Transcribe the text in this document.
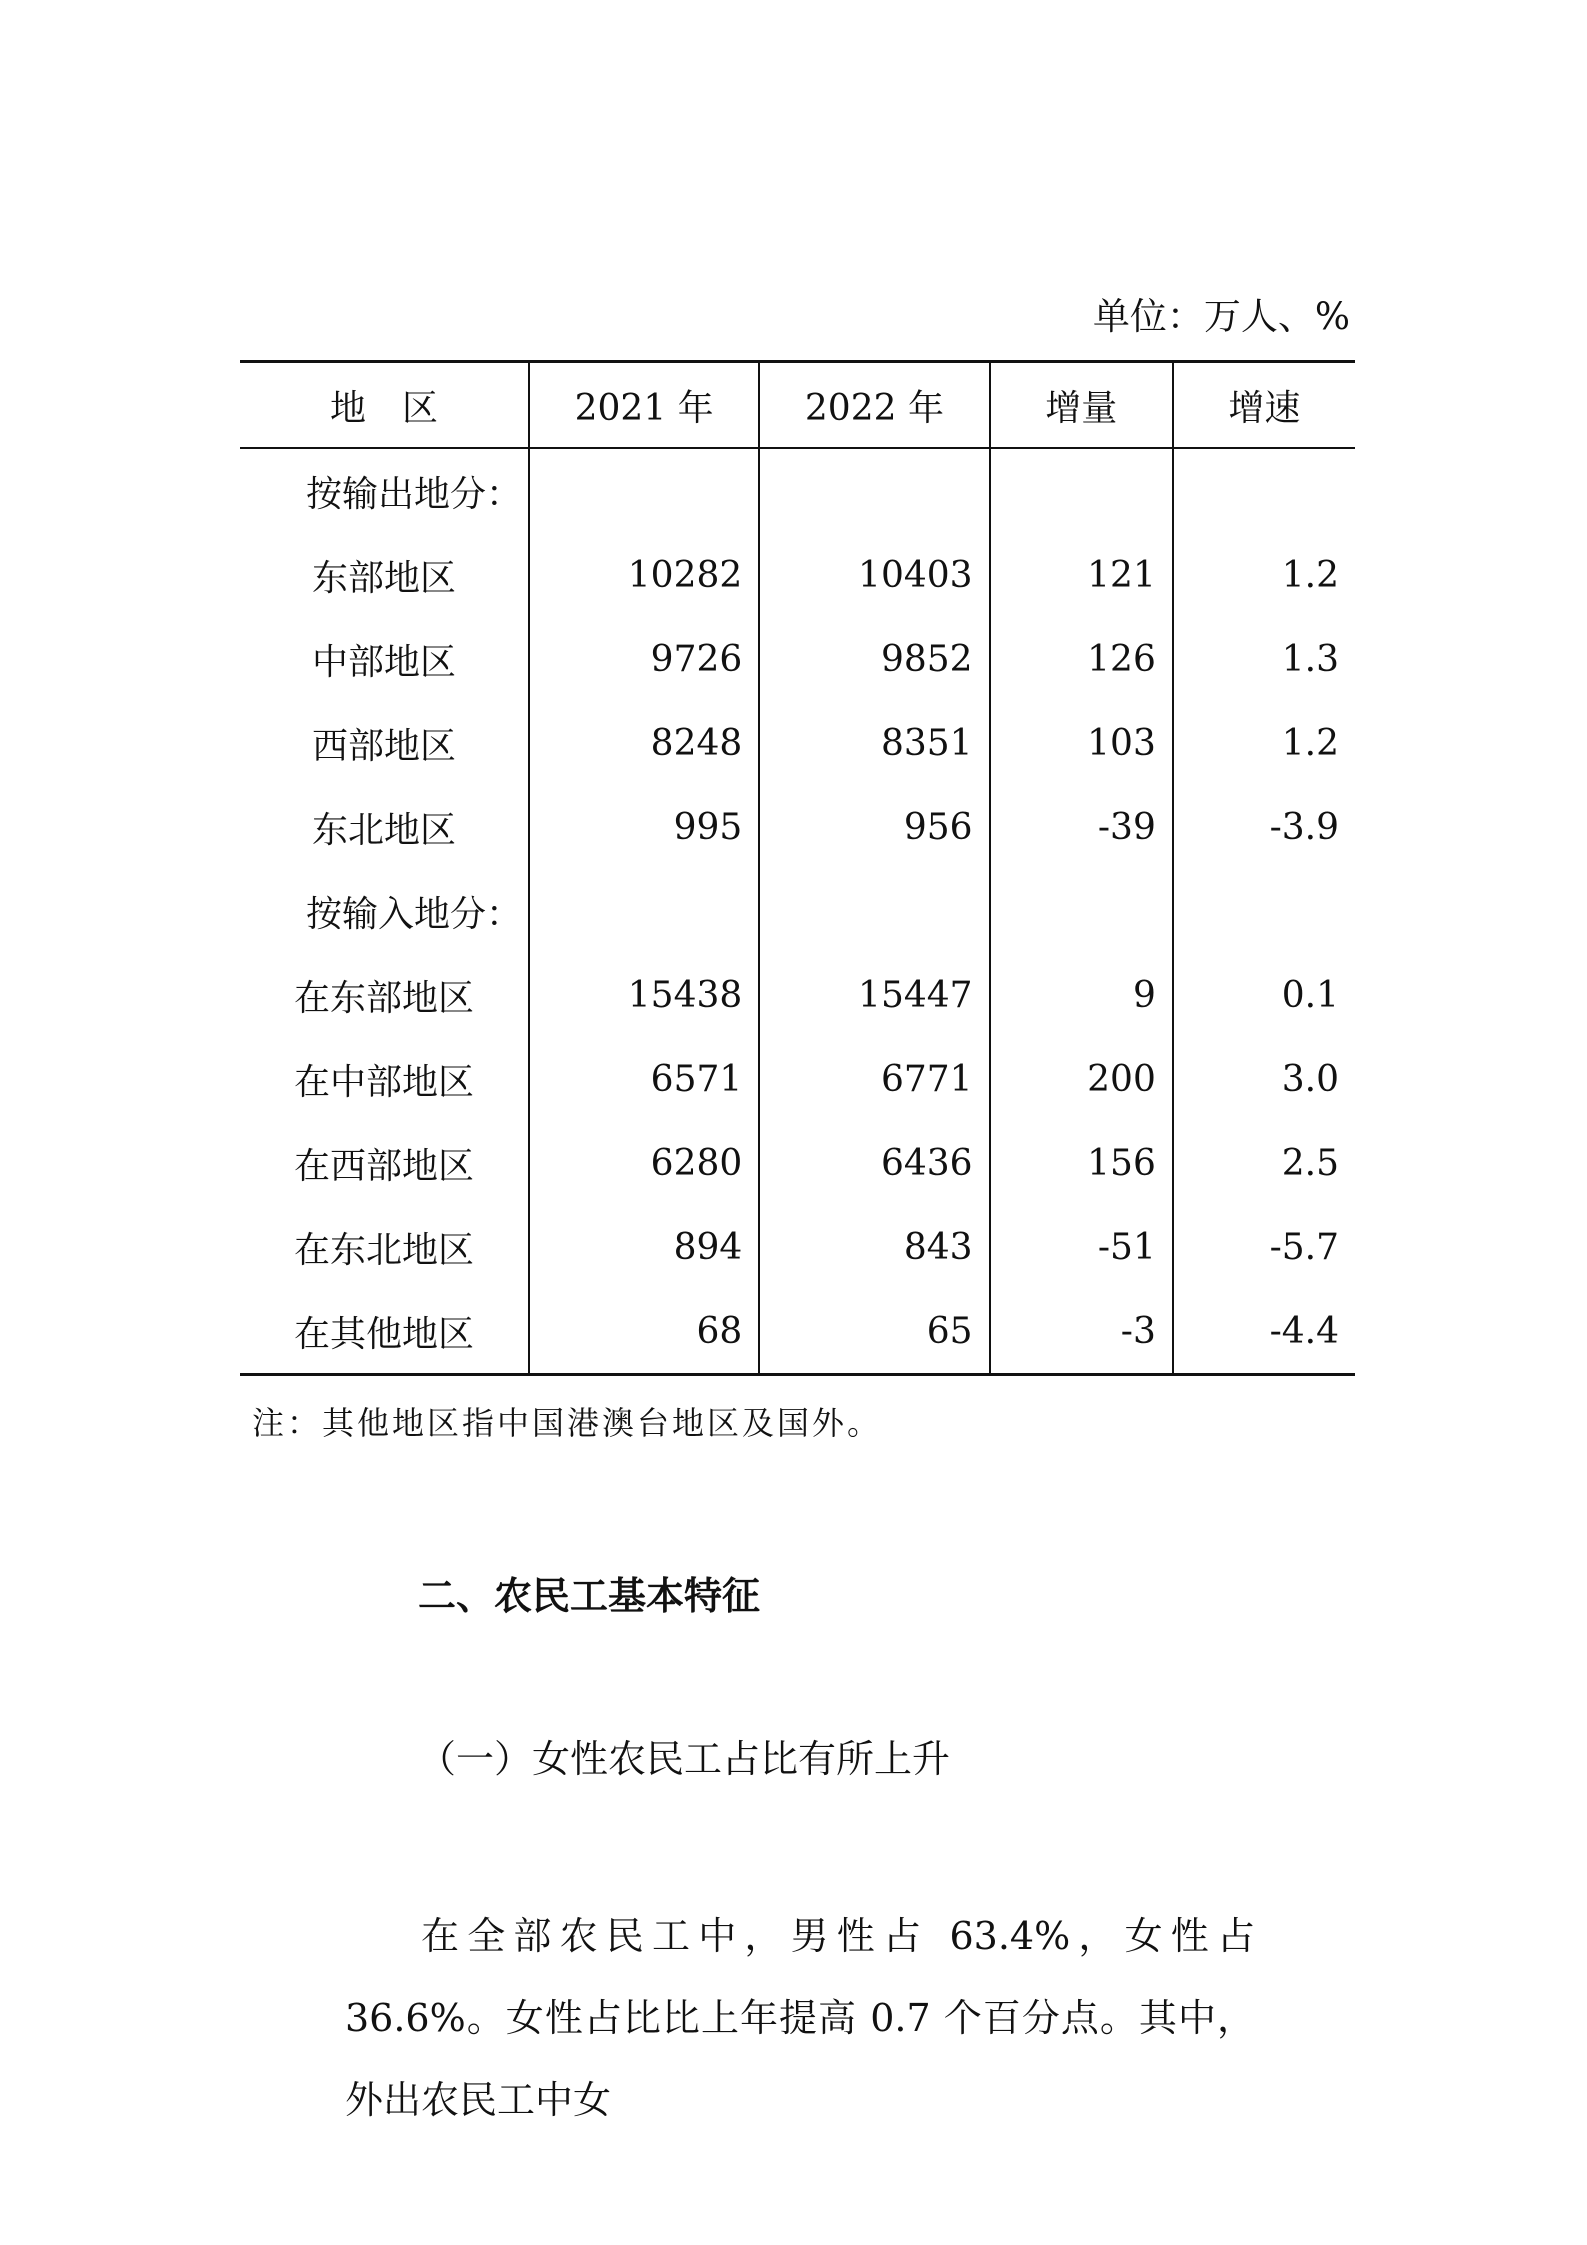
单位：万人、%
地　区	2021 年	2022 年	增量	增速
按输出地分：				
东部地区	10282	10403	121	1.2
中部地区	9726	9852	126	1.3
西部地区	8248	8351	103	1.2
东北地区	995	956	-39	-3.9
按输入地分：				
在东部地区	15438	15447	9	0.1
在中部地区	6571	6771	200	3.0
在西部地区	6280	6436	156	2.5
在东北地区	894	843	-51	-5.7
在其他地区	68	65	-3	-4.4
注：其他地区指中国港澳台地区及国外。
二、农民工基本特征
（一）女性农民工占比有所上升

在全部农民工中，男性占 63.4%，女性占 36.6%。女性占比比上年提高 0.7 个百分点。其中，外出农民工中女
